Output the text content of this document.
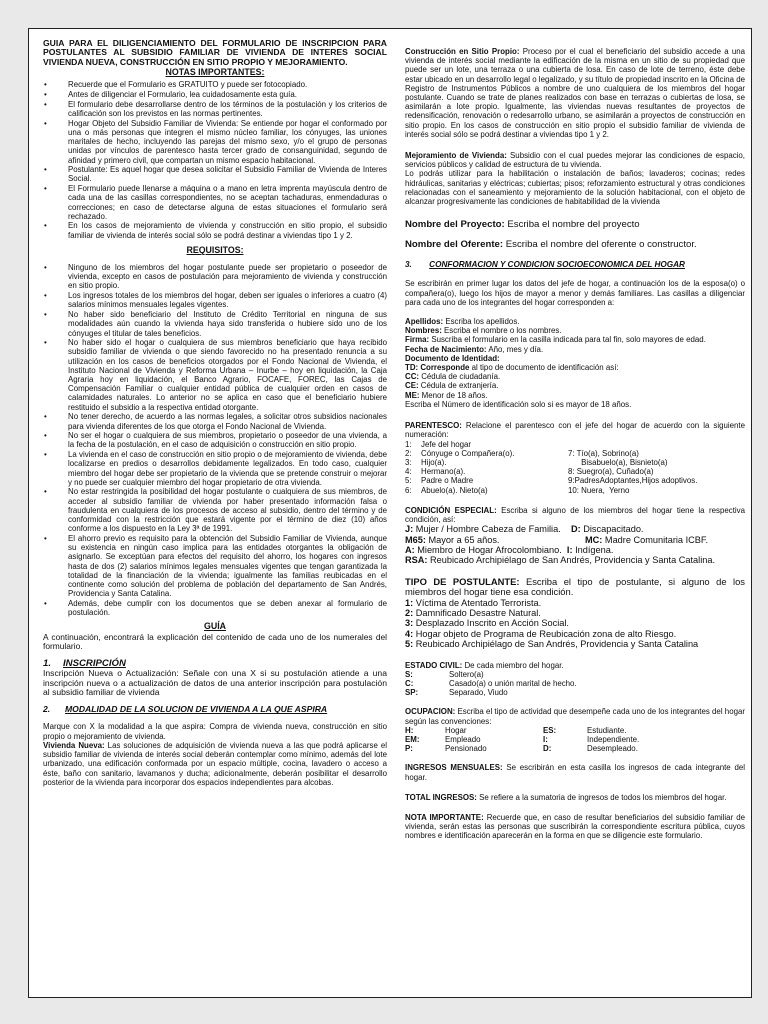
GUIA PARA EL DILIGENCIAMIENTO DEL FORMULARIO DE INSCRIPCION PARA POSTULANTES AL SUBSIDIO FAMILIAR DE VIVIENDA DE INTERES SOCIAL VIVIENDA NUEVA, CONSTRUCCIÓN EN SITIO PROPIO Y MEJORAMIENTO.
NOTAS IMPORTANTES:
• Recuerde que el Formulario es GRATUITO y puede ser fotocopiado.
• Antes de diligenciar el Formulario, lea cuidadosamente esta guía.
• El formulario debe desarrollarse dentro de los términos de la postulación y los criterios de calificación son los previstos en las normas pertinentes.
• Hogar Objeto del Subsidio Familiar de Vivienda: Se entiende por hogar el conformado por una o más personas que integren el mismo núcleo familiar, los cónyuges, las uniones maritales de hecho, incluyendo las parejas del mismo sexo, y/o el grupo de personas unidas por vínculos de parentesco hasta tercer grado de consanguinidad, segundo de afinidad y primero civil, que compartan un mismo espacio habitacional.
• Postulante: Es aquel hogar que desea solicitar el Subsidio Familiar de Vivienda de Interes Social.
• El Formulario puede llenarse a máquina o a mano en letra imprenta mayúscula dentro de cada una de las casillas correspondientes, no se aceptan tachaduras, enmendaduras o correcciones; en caso de detectarse alguna de estas situaciones el formulario será rechazado.
• En los casos de mejoramiento de vivienda y construcción en sitio propio, el subsidio familiar de vivienda de interés social sólo se podrá destinar a viviendas tipo 1 y 2.
REQUISITOS:
• Ninguno de los miembros del hogar postulante puede ser propietario o poseedor de vivienda, excepto en casos de postulación para mejoramiento de vivienda y construcción en sitio propio.
• Los ingresos totales de los miembros del hogar, deben ser iguales o inferiores a cuatro (4) salarios mínimos mensuales legales vigentes.
• No haber sido beneficiario del Instituto de Crédito Territorial en ninguna de sus modalidades aún cuando la vivienda haya sido transferida o hubiere sido uno de los cónyuges el titular de tales beneficios.
• No haber sido el hogar o cualquiera de sus miembros beneficiario que haya recibido subsidio familiar de vivienda o que siendo favorecido no ha presentado renuncia a su utilización en los casos de beneficios otorgados por el Fondo Nacional de Vivienda, el Instituto Nacional de Vivienda y Reforma Urbana – Inurbe – hoy en liquidación, la Caja Agraria hoy en liquidación, el Banco Agrario, FOCAFE, FOREC, las Cajas de Compensación Familiar o cualquier entidad pública de cualquier orden en casos de calamidades naturales. Lo anterior no se aplica en caso que el beneficiario hubiere restituido el subsidio a la respectiva entidad otorgante.
• No tener derecho, de acuerdo a las normas legales, a solicitar otros subsidios nacionales para vivienda diferentes de los que otorga el Fondo Nacional de Vivienda.
• No ser el hogar o cualquiera de sus miembros, propietario o poseedor de una vivienda, a la fecha de la postulación, en el caso de adquisición o construcción en sitio propio.
• La vivienda en el caso de construcción en sitio propio o de mejoramiento de vivienda, debe localizarse en predios o desarrollos debidamente legalizados. En todo caso, cualquier miembro del hogar debe ser propietario de la vivienda que se pretende construir o mejorar y no puede ser cualquier miembro del hogar propietario de otra vivienda.
• No estar restringida la posibilidad del hogar postulante o cualquiera de sus miembros, de acceder al subsidio familiar de vivienda por haber presentado información falsa o fraudulenta en cualquiera de los procesos de acceso al subsidio, dentro del término y de conformidad con la restricción que estará vigente por el término de diez (10) años conforme a los dispuesto en la Ley 3ª de 1991.
• El ahorro previo es requisito para la obtención del Subsidio Familiar de Vivienda, aunque su existencia en ningún caso implica para las entidades otorgantes la obligación de asignarlo. Se exceptúan para efectos del requisito del ahorro, los hogares con ingresos hasta de dos (2) salarios mínimos legales mensuales vigentes que tengan garantizada la totalidad de la financiación de la vivienda; igualmente las familias reubicadas en el continente como solución del problema de población del departamento de San Andrés, Providencia y Santa Catalina.
• Además, debe cumplir con los documentos que se deben anexar al formulario de postulación.
GUÍA
A continuación, encontrará la explicación del contenido de cada uno de los numerales del formulario.
1. INSCRIPCIÓN
Inscripción Nueva o Actualización: Señale con una X si su postulación atiende a una inscripción nueva o a actualización de datos de una anterior inscripción para postulación al subsidio familiar de vivienda
2. MODALIDAD DE LA SOLUCION DE VIVIENDA A LA QUE ASPIRA
Marque con X la modalidad a la que aspira: Compra de vivienda nueva, construcción en sitio propio o mejoramiento de vivienda.
Vivienda Nueva: Las soluciones de adquisición de vivienda nueva a las que podrá aplicarse el subsidio familiar de vivienda de interés social deberán contemplar como mínimo, además del lote urbanizado, una edificación conformada por un espacio múltiple, cocina, lavadero o acceso a éste, baño con sanitario, lavamanos y ducha; adicionalmente, deberán posibilitar el desarrollo posterior de la vivienda para incorporar dos espacios independientes para alcobas.
Construcción en Sitio Propio: Proceso por el cual el beneficiario del subsidio accede a una vivienda de interés social mediante la edificación de la misma en un sitio de su propiedad que puede ser un lote, una terraza o una cubierta de losa. En caso de lote de terreno, éste debe estar ubicado en un desarrollo legal o legalizado, y su título de propiedad inscrito en la Oficina de Registro de Instrumentos Públicos a nombre de uno cualquiera de los miembros del hogar postulante. Cuando se trate de planes realizados con base en terrazas o cubiertas de losa, se asimilarán a lote propio. Igualmente, las viviendas nuevas resultantes de proyectos de redensificación, renovación o redesarrollo urbano, se asimilarán a proyectos de construcción en sitio propio. En los casos de construcción en sitio propio el subsidio familiar de vivienda de interés social sólo se podrá destinar a viviendas tipo 1 y 2.
Mejoramiento de Vivienda: Subsidio con el cual puedes mejorar las condiciones de espacio, servicios públicos y calidad de estructura de tu vivienda.
Lo podrás utilizar para la habilitación o instalación de baños; lavaderos; cocinas; redes hidráulicas, sanitarias y eléctricas; cubiertas; pisos; reforzamiento estructural y otras condiciones relacionadas con el saneamiento y mejoramiento de la solución habitacional, con el objeto de alcanzar progresivamente las condiciones de habitabilidad de la vivienda
Nombre del Proyecto: Escriba el nombre del proyecto
Nombre del Oferente: Escriba el nombre del oferente o constructor.
3.	CONFORMACION Y CONDICION SOCIOECONOMICA DEL HOGAR
Se escribirán en primer lugar los datos del jefe de hogar, a continuación los de la esposa(o) o compañera(o), luego los hijos de mayor a menor y demás familiares. Las casillas a diligenciar para cada uno de los integrantes del hogar corresponden a:
Apellidos: Escriba los apellidos.
Nombres: Escriba el nombre o los nombres.
Firma: Suscriba el formulario en la casilla indicada para tal fin, solo mayores de edad.
Fecha de Nacimiento: Año, mes y día.
Documento de Identidad:
TD: Corresponde al tipo de documento de identificación así:
CC: Cédula de ciudadanía.
CE: Cédula de extranjería.
ME: Menor de 18 años.
Escriba el Número de identificación solo si es mayor de 18 años.
PARENTESCO: Relacione el parentesco con el jefe del hogar de acuerdo con la siguiente numeración:
1:	Jefe del hogar
2:	Cónyuge o Compañera(o).	7: Tío(a), Sobrino(a)
3:	Hijo(a).	Bisabuelo(a), Bisnieto(a)
4:	Hermano(a).	8: Suegro(a), Cuñado(a)
5:	Padre o Madre	9:PadresAdoptantes,Hijos adoptivos.
6:	Abuelo(a). Nieto(a)	10: Nuera,  Yerno
CONDICIÓN ESPECIAL: Escriba si alguno de los miembros del hogar tiene la respectiva condición, así:
J: Mujer / Hombre Cabeza de Familia. D: Discapacitado.
M65: Mayor a 65 años.	MC: Madre Comunitaria ICBF.
A: Miembro de Hogar Afrocolombiano. I: Indígena.
RSA: Reubicado Archipiélago de San Andrés, Providencia y Santa Catalina.
TIPO DE POSTULANTE: Escriba el tipo de postulante, si alguno de los miembros del hogar tiene esa condición.
1: Víctima de Atentado Terrorista.
2: Damnificado Desastre Natural.
3: Desplazado Inscrito en Acción Social.
4: Hogar objeto de Programa de Reubicación zona de alto Riesgo.
5: Reubicado Archipiélago de San Andrés, Providencia y Santa Catalina
ESTADO CIVIL: De cada miembro del hogar.
S:	Soltero(a)
C:	Casado(a) o unión marital de hecho.
SP:	Separado, Viudo
OCUPACION: Escriba el tipo de actividad que desempeñe cada uno de los integrantes del hogar según las convenciones:
H:	Hogar	ES:	Estudiante.
EM:	Empleado	I:	Independiente.
P:	Pensionado	D:	Desempleado.
INGRESOS MENSUALES: Se escribirán en esta casilla los ingresos de cada integrante del hogar.
TOTAL INGRESOS: Se refiere a la sumatoria de ingresos de todos los miembros del hogar.
NOTA IMPORTANTE: Recuerde que, en caso de resultar beneficiarios del subsidio familiar de vivienda, serán estas las personas que suscribirán la correspondiente escritura pública, cuyos nombres e identificación aparecerán en la forma en que se diligencie este formulario.
